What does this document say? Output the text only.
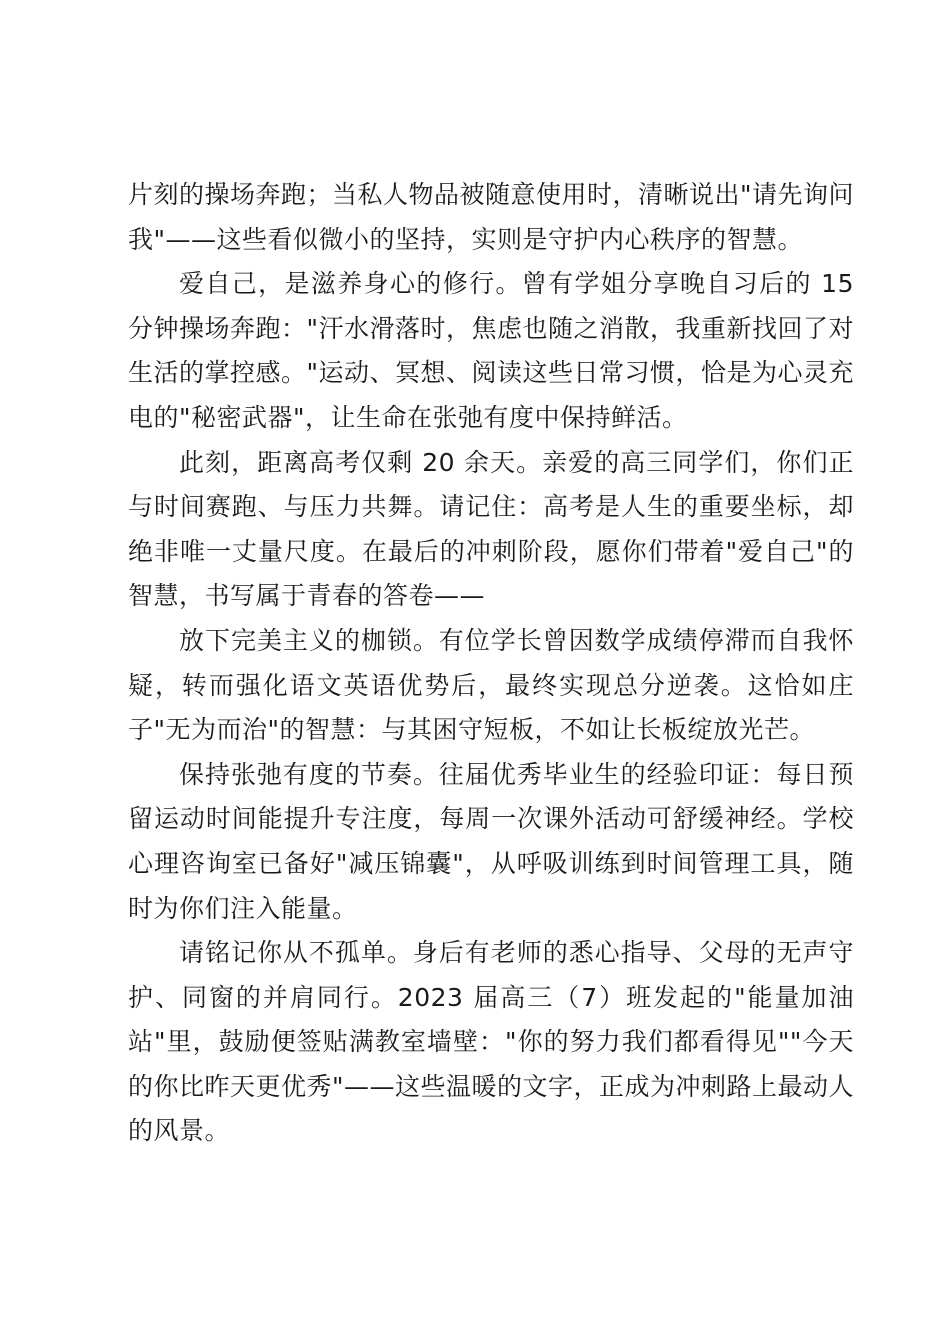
片刻的操场奔跑；当私人物品被随意使用时，清晰说出"请先询问我"——这些看似微小的坚持，实则是守护内心秩序的智慧。

爱自己，是滋养身心的修行。曾有学姐分享晚自习后的 15 分钟操场奔跑："汗水滑落时，焦虑也随之消散，我重新找回了对生活的掌控感。"运动、冥想、阅读这些日常习惯，恰是为心灵充电的"秘密武器"，让生命在张弛有度中保持鲜活。

此刻，距离高考仅剩 20 余天。亲爱的高三同学们，你们正与时间赛跑、与压力共舞。请记住：高考是人生的重要坐标，却绝非唯一丈量尺度。在最后的冲刺阶段，愿你们带着"爱自己"的智慧，书写属于青春的答卷——

放下完美主义的枷锁。有位学长曾因数学成绩停滞而自我怀疑，转而强化语文英语优势后，最终实现总分逆袭。这恰如庄子"无为而治"的智慧：与其困守短板，不如让长板绽放光芒。

保持张弛有度的节奏。往届优秀毕业生的经验印证：每日预留运动时间能提升专注度，每周一次课外活动可舒缓神经。学校心理咨询室已备好"减压锦囊"，从呼吸训练到时间管理工具，随时为你们注入能量。

请铭记你从不孤单。身后有老师的悉心指导、父母的无声守护、同窗的并肩同行。2023 届高三（7）班发起的"能量加油站"里，鼓励便签贴满教室墙壁："你的努力我们都看得见""今天的你比昨天更优秀"——这些温暖的文字，正成为冲刺路上最动人的风景。
